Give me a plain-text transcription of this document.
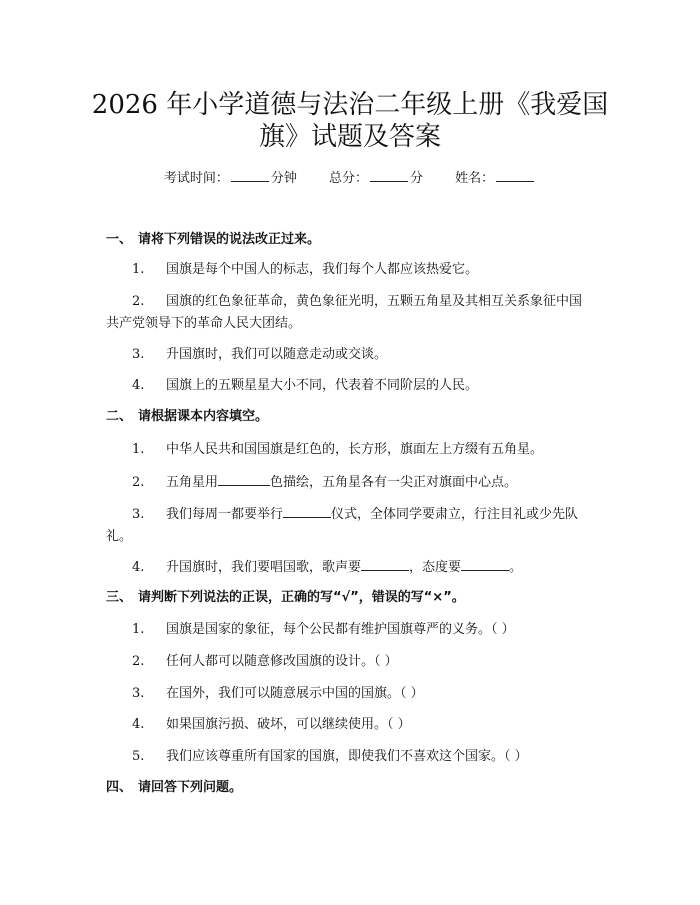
2026 年小学道德与法治二年级上册《我爱国
旗》试题及答案
考试时间：	分钟 总分：	分 姓名：
一、 请将下列错误的说法改正过来。
1. 国旗是每个中国人的标志，我们每个人都应该热爱它。
2. 国旗的红色象征革命，黄色象征光明，五颗五角星及其相互关系象征中国
共产党领导下的革命人民大团结。
3. 升国旗时，我们可以随意走动或交谈。
4. 国旗上的五颗星星大小不同，代表着不同阶层的人民。
二、 请根据课本内容填空。
1. 中华人民共和国国旗是红色的，长方形，旗面左上方缀有五角星。
2. 五角星用	色描绘，五角星各有一尖正对旗面中心点。
3. 我们每周一都要举行	仪式，全体同学要肃立，行注目礼或少先队
礼。
4. 升国旗时，我们要唱国歌，歌声要	，态度要	。
三、 请判断下列说法的正误，正确的写“√”，错误的写“×”。
1. 国旗是国家的象征，每个公民都有维护国旗尊严的义务。（ ）
2. 任何人都可以随意修改国旗的设计。（ ）
3. 在国外，我们可以随意展示中国的国旗。（ ）
4. 如果国旗污损、破坏，可以继续使用。（ ）
5. 我们应该尊重所有国家的国旗，即使我们不喜欢这个国家。（ ）
四、 请回答下列问题。
